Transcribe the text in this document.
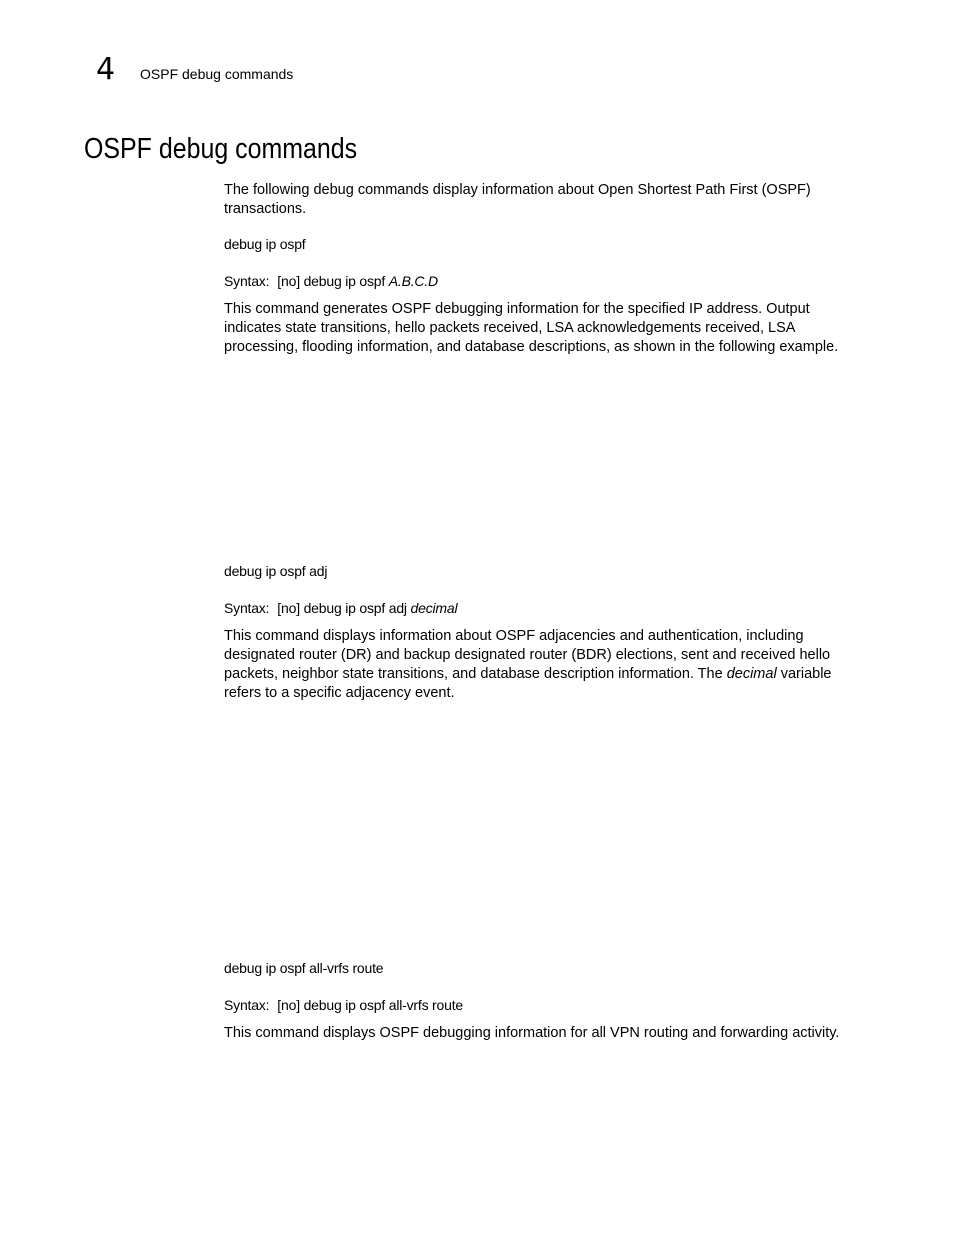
4 OSPF debug commands
OSPF debug commands

The following debug commands display information about Open Shortest Path First (OSPF) transactions.

debug ip ospf
Syntax: [no] debug ip ospf A.B.C.D

This command generates OSPF debugging information for the specified IP address. Output indicates state transitions, hello packets received, LSA acknowledgements received, LSA processing, flooding information, and database descriptions, as shown in the following example.

debug ip ospf adj
Syntax: [no] debug ip ospf adj decimal

This command displays information about OSPF adjacencies and authentication, including designated router (DR) and backup designated router (BDR) elections, sent and received hello packets, neighbor state transitions, and database description information. The decimal variable refers to a specific adjacency event.

debug ip ospf all-vrfs route
Syntax: [no] debug ip ospf all-vrfs route

This command displays OSPF debugging information for all VPN routing and forwarding activity.
